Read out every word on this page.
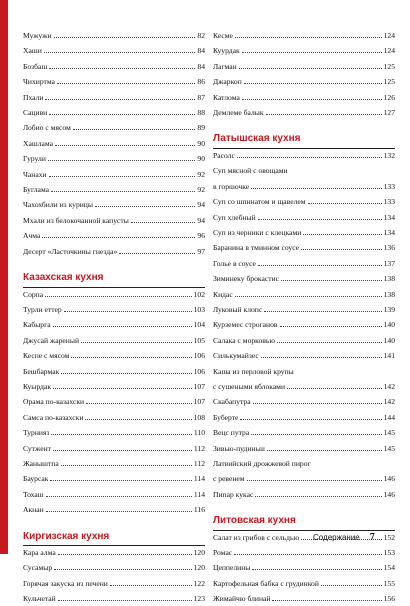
Мужужи	82
Хаши	84
Бозбаш	84
Чихиртма	86
Пхали	87
Сациви	88
Лобио с мясом	89
Хашлама	90
Гурули	90
Чанахи	92
Буглама	92
Чахохбили из курицы	94
Мхали из белокочанной капусты	94
Ачма	96
Десерт «Ласточкины гнезда»	97
Казахская кухня
Сорпа	102
Турли еттер	103
Кабырга	104
Джусай жареный	105
Кеспе с мясом	106
Бешбармак	106
Куырдак	107
Орама по-казахски	107
Самса по-казахски	108
Турнияз	110
Сутжент	112
Жаныштпа	112
Баурсак	114
Тохаш	114
Акнан	116
Киргизская кухня
Кара алма	120
Сусамыр	120
Горячая закуска из печени	122
Кульчетай	123
Кесме	124
Куурдак	124
Лагман	125
Джаркоп	125
Катлома	126
Демлеме балык	127
Латышская кухня
Расолс	132
Суп мясной с овощами
в горшочке	133
Суп со шпинатом и щавелем	133
Суп хлебный	134
Суп из черники с клецками	134
Баранина в тминном соусе	136
Голье в соусе	137
Зиминеку брокастис	138
Кидас	138
Луковый клопс	139
Курземес строганов	140
Салака с морковью	140
Силькумайзес	141
Каша из перловой крупы
с сушеными яблоками	142
Скабапутра	142
Буберте	144
Вецс путра	145
Зивью-пудиньш	145
Латвийский дрожжевой пирог
с ревенем	146
Пипар кукас	146
Литовская кухня
Салат из грибов с сельдью	152
Ромас	153
Цеппелины	154
Картофельная бабка с грудинкой	155
Жимайчю блинай	156
Содержание 7
